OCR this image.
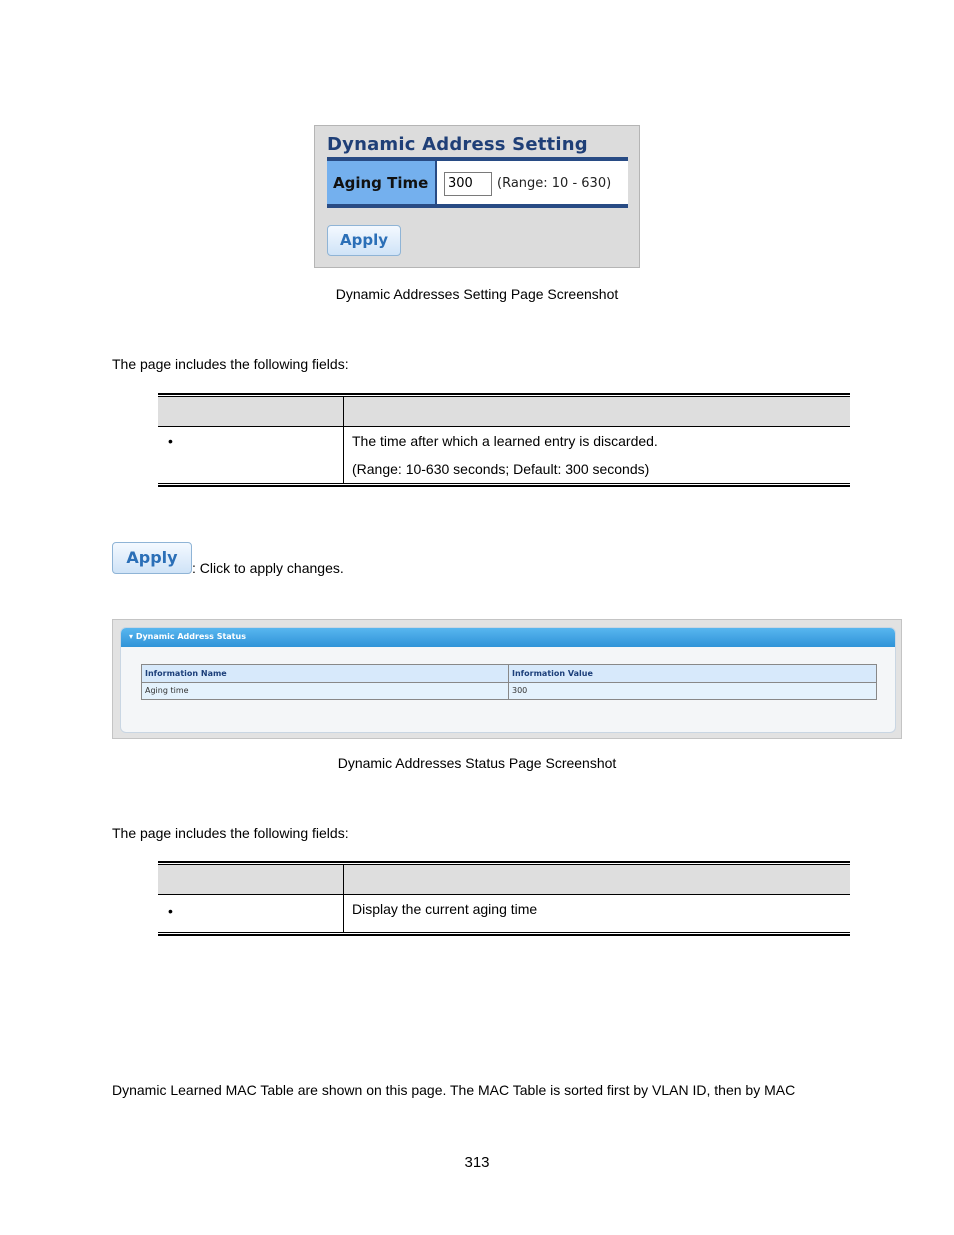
Dynamic Address Setting
Aging Time	300	(Range: 10 - 630)
Apply
Dynamic Addresses Setting Page Screenshot
The page includes the following fields:
•	The time after which a learned entry is discarded.
(Range: 10-630 seconds; Default: 300 seconds)
Apply
: Click to apply changes.
▾ Dynamic Address Status
Information Name	Information Value
Aging time	300
Dynamic Addresses Status Page Screenshot
The page includes the following fields:
•	Display the current aging time
Dynamic Learned MAC Table are shown on this page. The MAC Table is sorted first by VLAN ID, then by MAC
313
